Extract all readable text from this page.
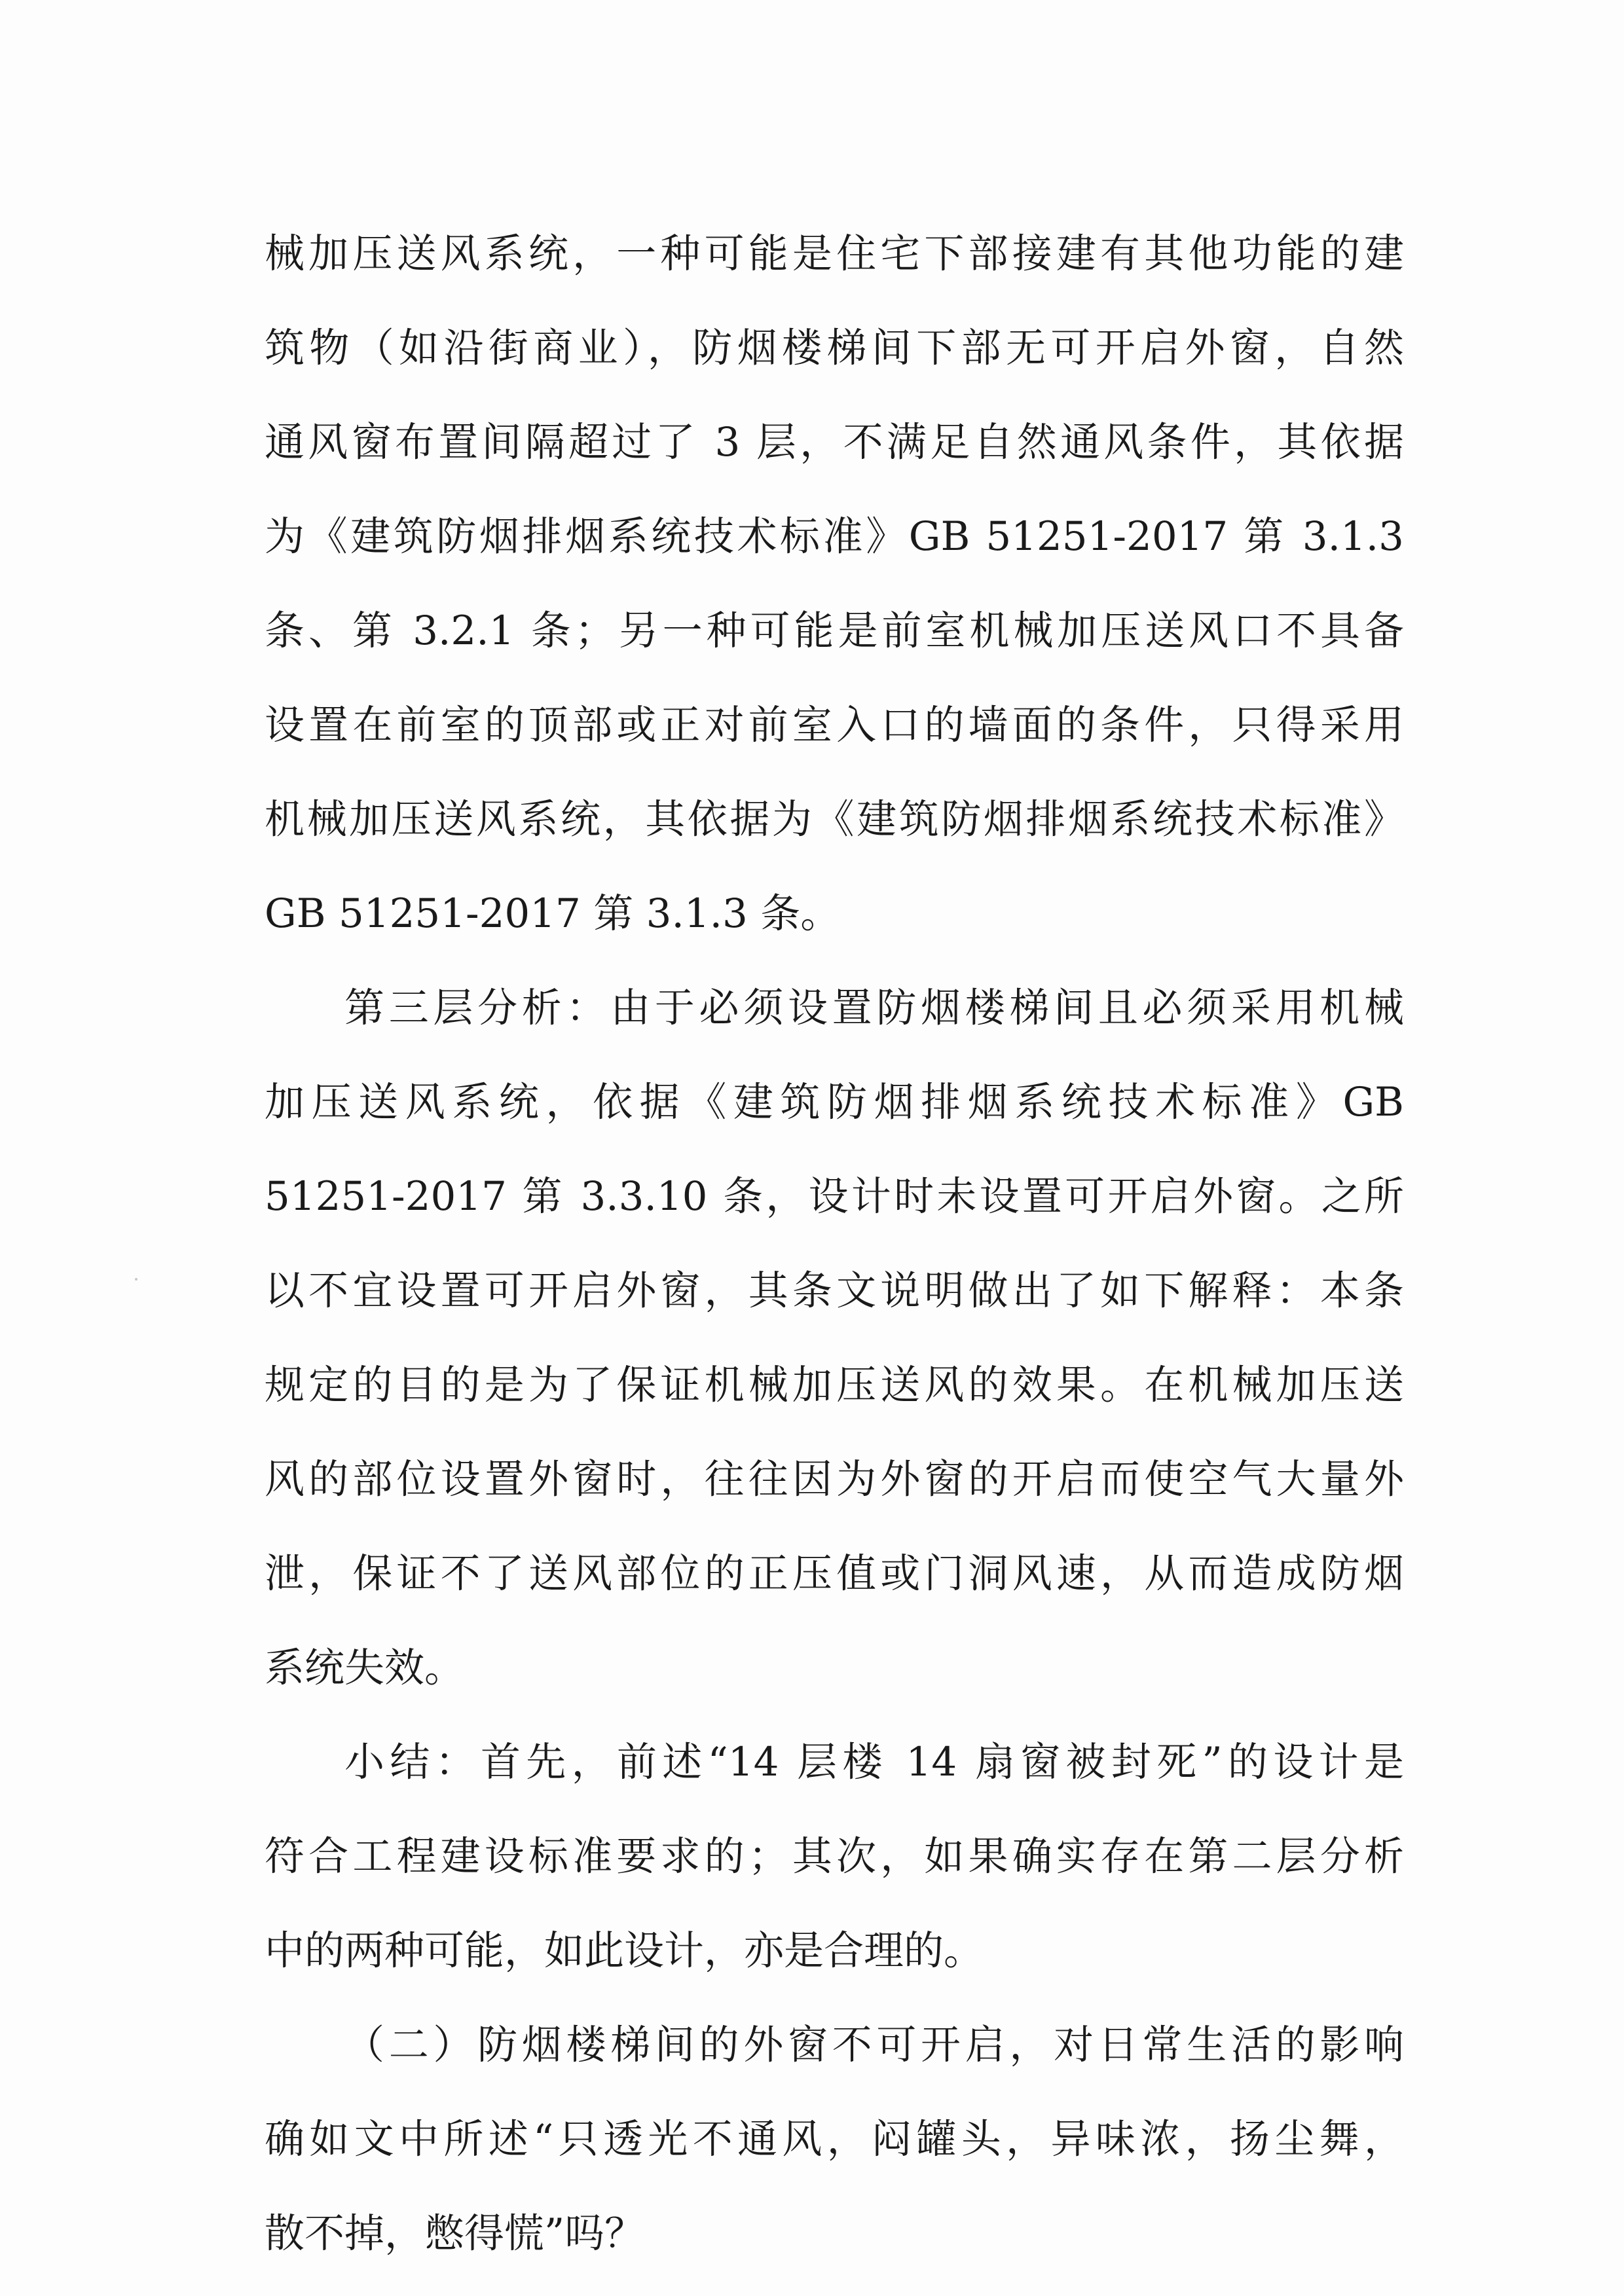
械加压送风系统，一种可能是住宅下部接建有其他功能的建
筑物（如沿街商业），防烟楼梯间下部无可开启外窗，自然
通风窗布置间隔超过了 3 层，不满足自然通风条件，其依据
为《建筑防烟排烟系统技术标准》GB 51251-2017 第 3.1.3
条、第 3.2.1 条；另一种可能是前室机械加压送风口不具备
设置在前室的顶部或正对前室入口的墙面的条件，只得采用
机械加压送风系统，其依据为《建筑防烟排烟系统技术标准》
GB 51251-2017 第 3.1.3 条。
第三层分析：由于必须设置防烟楼梯间且必须采用机械
加压送风系统，依据《建筑防烟排烟系统技术标准》GB
51251-2017 第 3.3.10 条，设计时未设置可开启外窗。之所
以不宜设置可开启外窗，其条文说明做出了如下解释：本条
规定的目的是为了保证机械加压送风的效果。在机械加压送
风的部位设置外窗时，往往因为外窗的开启而使空气大量外
泄，保证不了送风部位的正压值或门洞风速，从而造成防烟
系统失效。
小结：首先，前述“14 层楼 14 扇窗被封死”的设计是
符合工程建设标准要求的；其次，如果确实存在第二层分析
中的两种可能，如此设计，亦是合理的。
（二）防烟楼梯间的外窗不可开启，对日常生活的影响
确如文中所述“只透光不通风，闷罐头，异味浓，扬尘舞，
散不掉，憋得慌”吗？
